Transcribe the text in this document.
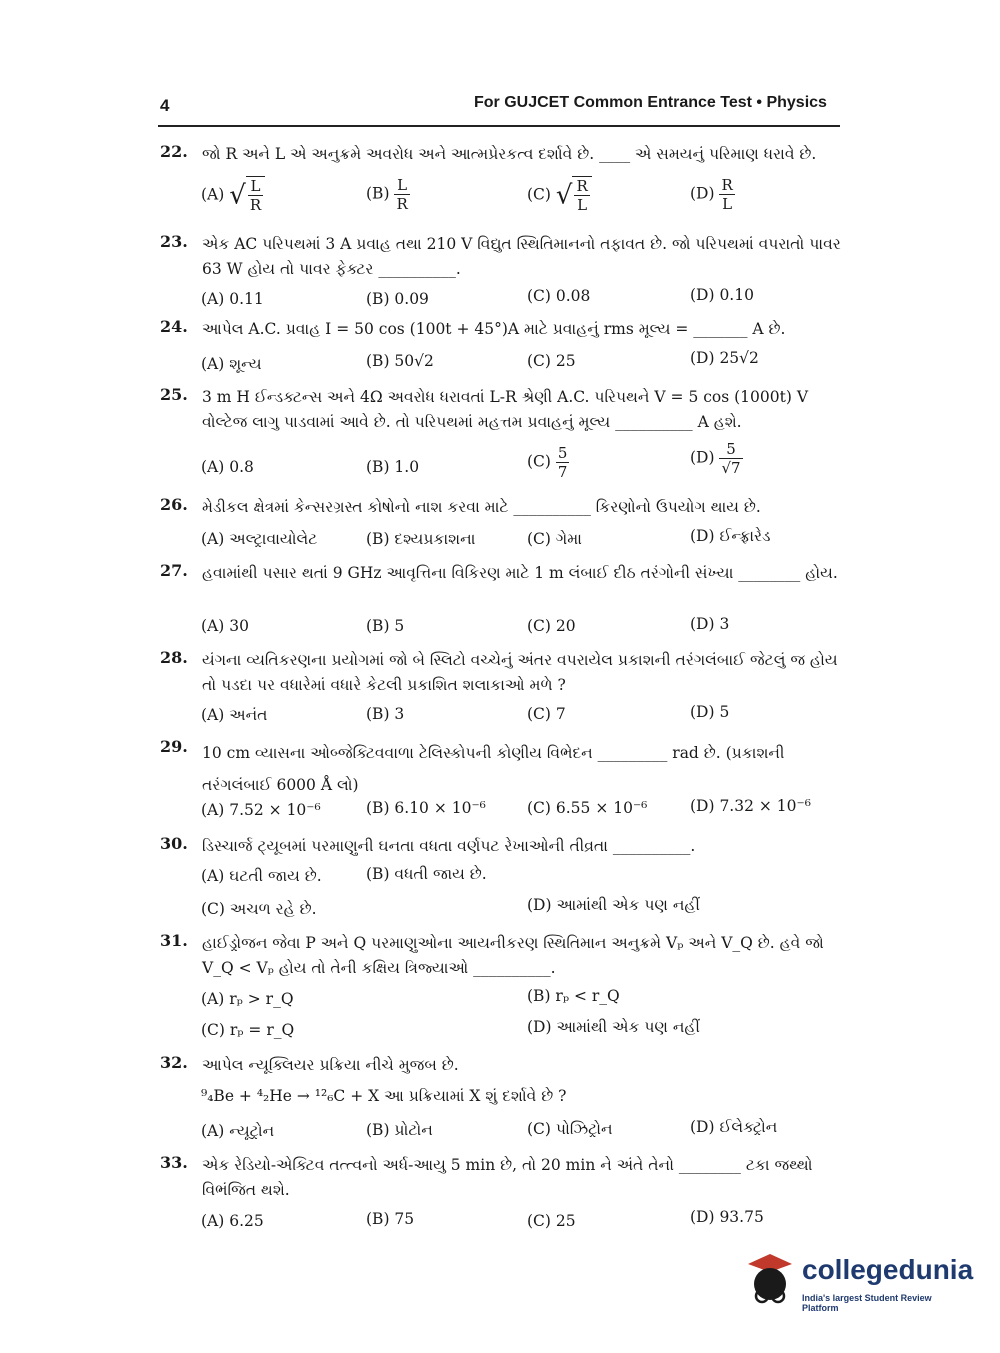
4	For GUJCET Common Entrance Test • Physics
22. જો R અને L એ અનુક્રમે અવરોધ અને આત્મપ્રેરકત્વ દર્શાવે છે. ____ એ સમયનું પરિમાણ ધરાવે છે.
(A) √ $\frac{L}{R}$	$(B) \frac{L}{R}$	(C) √ $\frac{R}{L}$	$(D) \frac{R}{L}$
23. એક AC પરિપથમાં 3 A પ્રવાહ તથા 210 V વિદ્યુત સ્થિતિમાનનો તફાવત છે. જો પરિપથમાં વપરાતો પાવર 63 W હોય તો પાવર ફેક્ટર __________.
(A) 0.11	(B) 0.09	(C) 0.08	(D) 0.10
24. આપેલ A.C. પ્રવાહ I = 50 cos (100t + 45°)A માટે પ્રવાહનું rms મૂલ્ય = _______ A છે.
(A) શૂન્ય	(B) 50√2	(C) 25	(D) 25√2
25. 3 m H ઈન્ડક્ટન્સ અને 4Ω અવરોધ ધરાવતાં L-R શ્રેણી A.C. પરિપથને V = 5 cos (1000t) V વોલ્ટેજ લાગુ પાડવામાં આવે છે. તો પરિપથમાં મહત્તમ પ્રવાહનું મૂલ્ય __________ A હશે.
(A) 0.8	(B) 1.0	$(C) \frac{5}{7}$	$(D) \frac{5}{√7}$
26. મેડીકલ ક્ષેત્રમાં કેન્સરગ્રસ્ત કોષોનો નાશ કરવા માટે __________ કિરણોનો ઉપયોગ થાય છે.
(A) અલ્ટ્રાવાયોલેટ	(B) દશ્યપ્રકાશના	(C) ગેમા	(D) ઈન્ફ્રારેડ
27. હવામાંથી પસાર થતાં 9 GHz આવૃત્તિના વિકિરણ માટે 1 m લંબાઈ દીઠ તરંગોની સંખ્યા ________ હોય.
(A) 30	(B) 5	(C) 20	(D) 3
28. યંગના વ્યતિકરણના પ્રયોગમાં જો બે સ્લિટો વચ્ચેનું અંતર વપરાયેલ પ્રકાશની તરંગલંબાઈ જેટલું જ હોય તો પડદા પર વધારેમાં વધારે કેટલી પ્રકાશિત શલાકાઓ મળે ?
(A) અનંત	(B) 3	(C) 7	(D) 5
29. 10 cm વ્યાસના ઓબ્જેક્ટિવવાળા ટેલિસ્કોપની કોણીય વિભેદન _________ rad છે. (પ્રકાશની તરંગલંબાઈ 6000 Å લો)
(A) 7.52 × 10⁻⁶	(B) 6.10 × 10⁻⁶	(C) 6.55 × 10⁻⁶	(D) 7.32 × 10⁻⁶
30. ડિસ્ચાર્જ ટ્યૂબમાં પરમાણુની ઘનતા વધતા વર્ણપટ રેખાઓની તીવ્રતા __________.
(A) ઘટતી જાય છે.	(B) વધતી જાય છે.
(C) અચળ રહે છે.	(D) આમાંથી એક પણ નહીં
31. હાઈડ્રોજન જેવા P અને Q પરમાણુઓના આયનીકરણ સ્થિતિમાન અનુક્રમે Vₚ અને V_Q છે. હવે જો V_Q < Vₚ હોય તો તેની કક્ષિય ત્રિજ્યાઓ __________.
(A) rₚ > r_Q	(B) rₚ < r_Q
(C) rₚ = r_Q	(D) આમાંથી એક પણ નહીં
32. આપેલ ન્યૂક્લિયર પ્રક્રિયા નીચે મુજબ છે.
⁹₄Be + ⁴₂He → ¹²₆C + X આ પ્રક્રિયામાં X શું દર્શાવે છે ?
(A) ન્યૂટ્રોન	(B) પ્રોટોન	(C) પોઝિટ્રોન	(D) ઈલેક્ટ્રોન
33. એક રેડિયો-એક્ટિવ તત્ત્વનો અર્ધ-આયુ 5 min છે, તો 20 min ને અંતે તેનો ________ ટકા જથ્થો વિભંજિત થશે.
(A) 6.25	(B) 75	(C) 25	(D) 93.75
collegedunia
India's largest Student Review Platform
